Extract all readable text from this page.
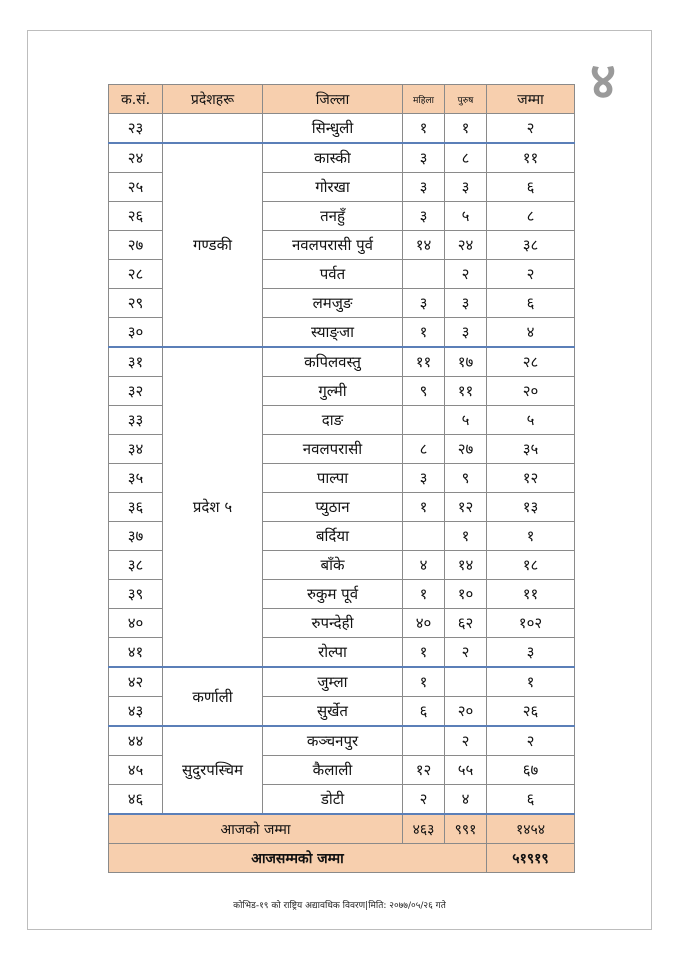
४
क.सं.	प्रदेशहरू	जिल्ला	महिला	पुरुष	जम्मा
२३		सिन्धुली	१	१	२
२४	गण्डकी	कास्की	३	८	११
२५		गोरखा	३	३	६
२६		तनहुँ	३	५	८
२७		नवलपरासी पुर्व	१४	२४	३८
२८		पर्वत		२	२
२९		लमजुङ	३	३	६
३०		स्याङ्जा	१	३	४
३१	प्रदेश ५	कपिलवस्तु	११	१७	२८
३२		गुल्मी	९	११	२०
३३		दाङ		५	५
३४		नवलपरासी	८	२७	३५
३५		पाल्पा	३	९	१२
३६		प्युठान	१	१२	१३
३७		बर्दिया		१	१
३८		बाँके	४	१४	१८
३९		रुकुम पूर्व	१	१०	११
४०		रुपन्देही	४०	६२	१०२
४१		रोल्पा	१	२	३
४२	कर्णाली	जुम्ला	१		१
४३		सुर्खेत	६	२०	२६
४४	सुदुरपस्चिम	कञ्चनपुर		२	२
४५		कैलाली	१२	५५	६७
४६		डोटी	२	४	६
आजको जम्मा			४६३	९९१	१४५४
आजसम्मको जम्मा					५१९१९
कोभिड-१९ को राष्ट्रिय अद्यावधिक विवरण|मिति: २०७७/०५/२६ गते
